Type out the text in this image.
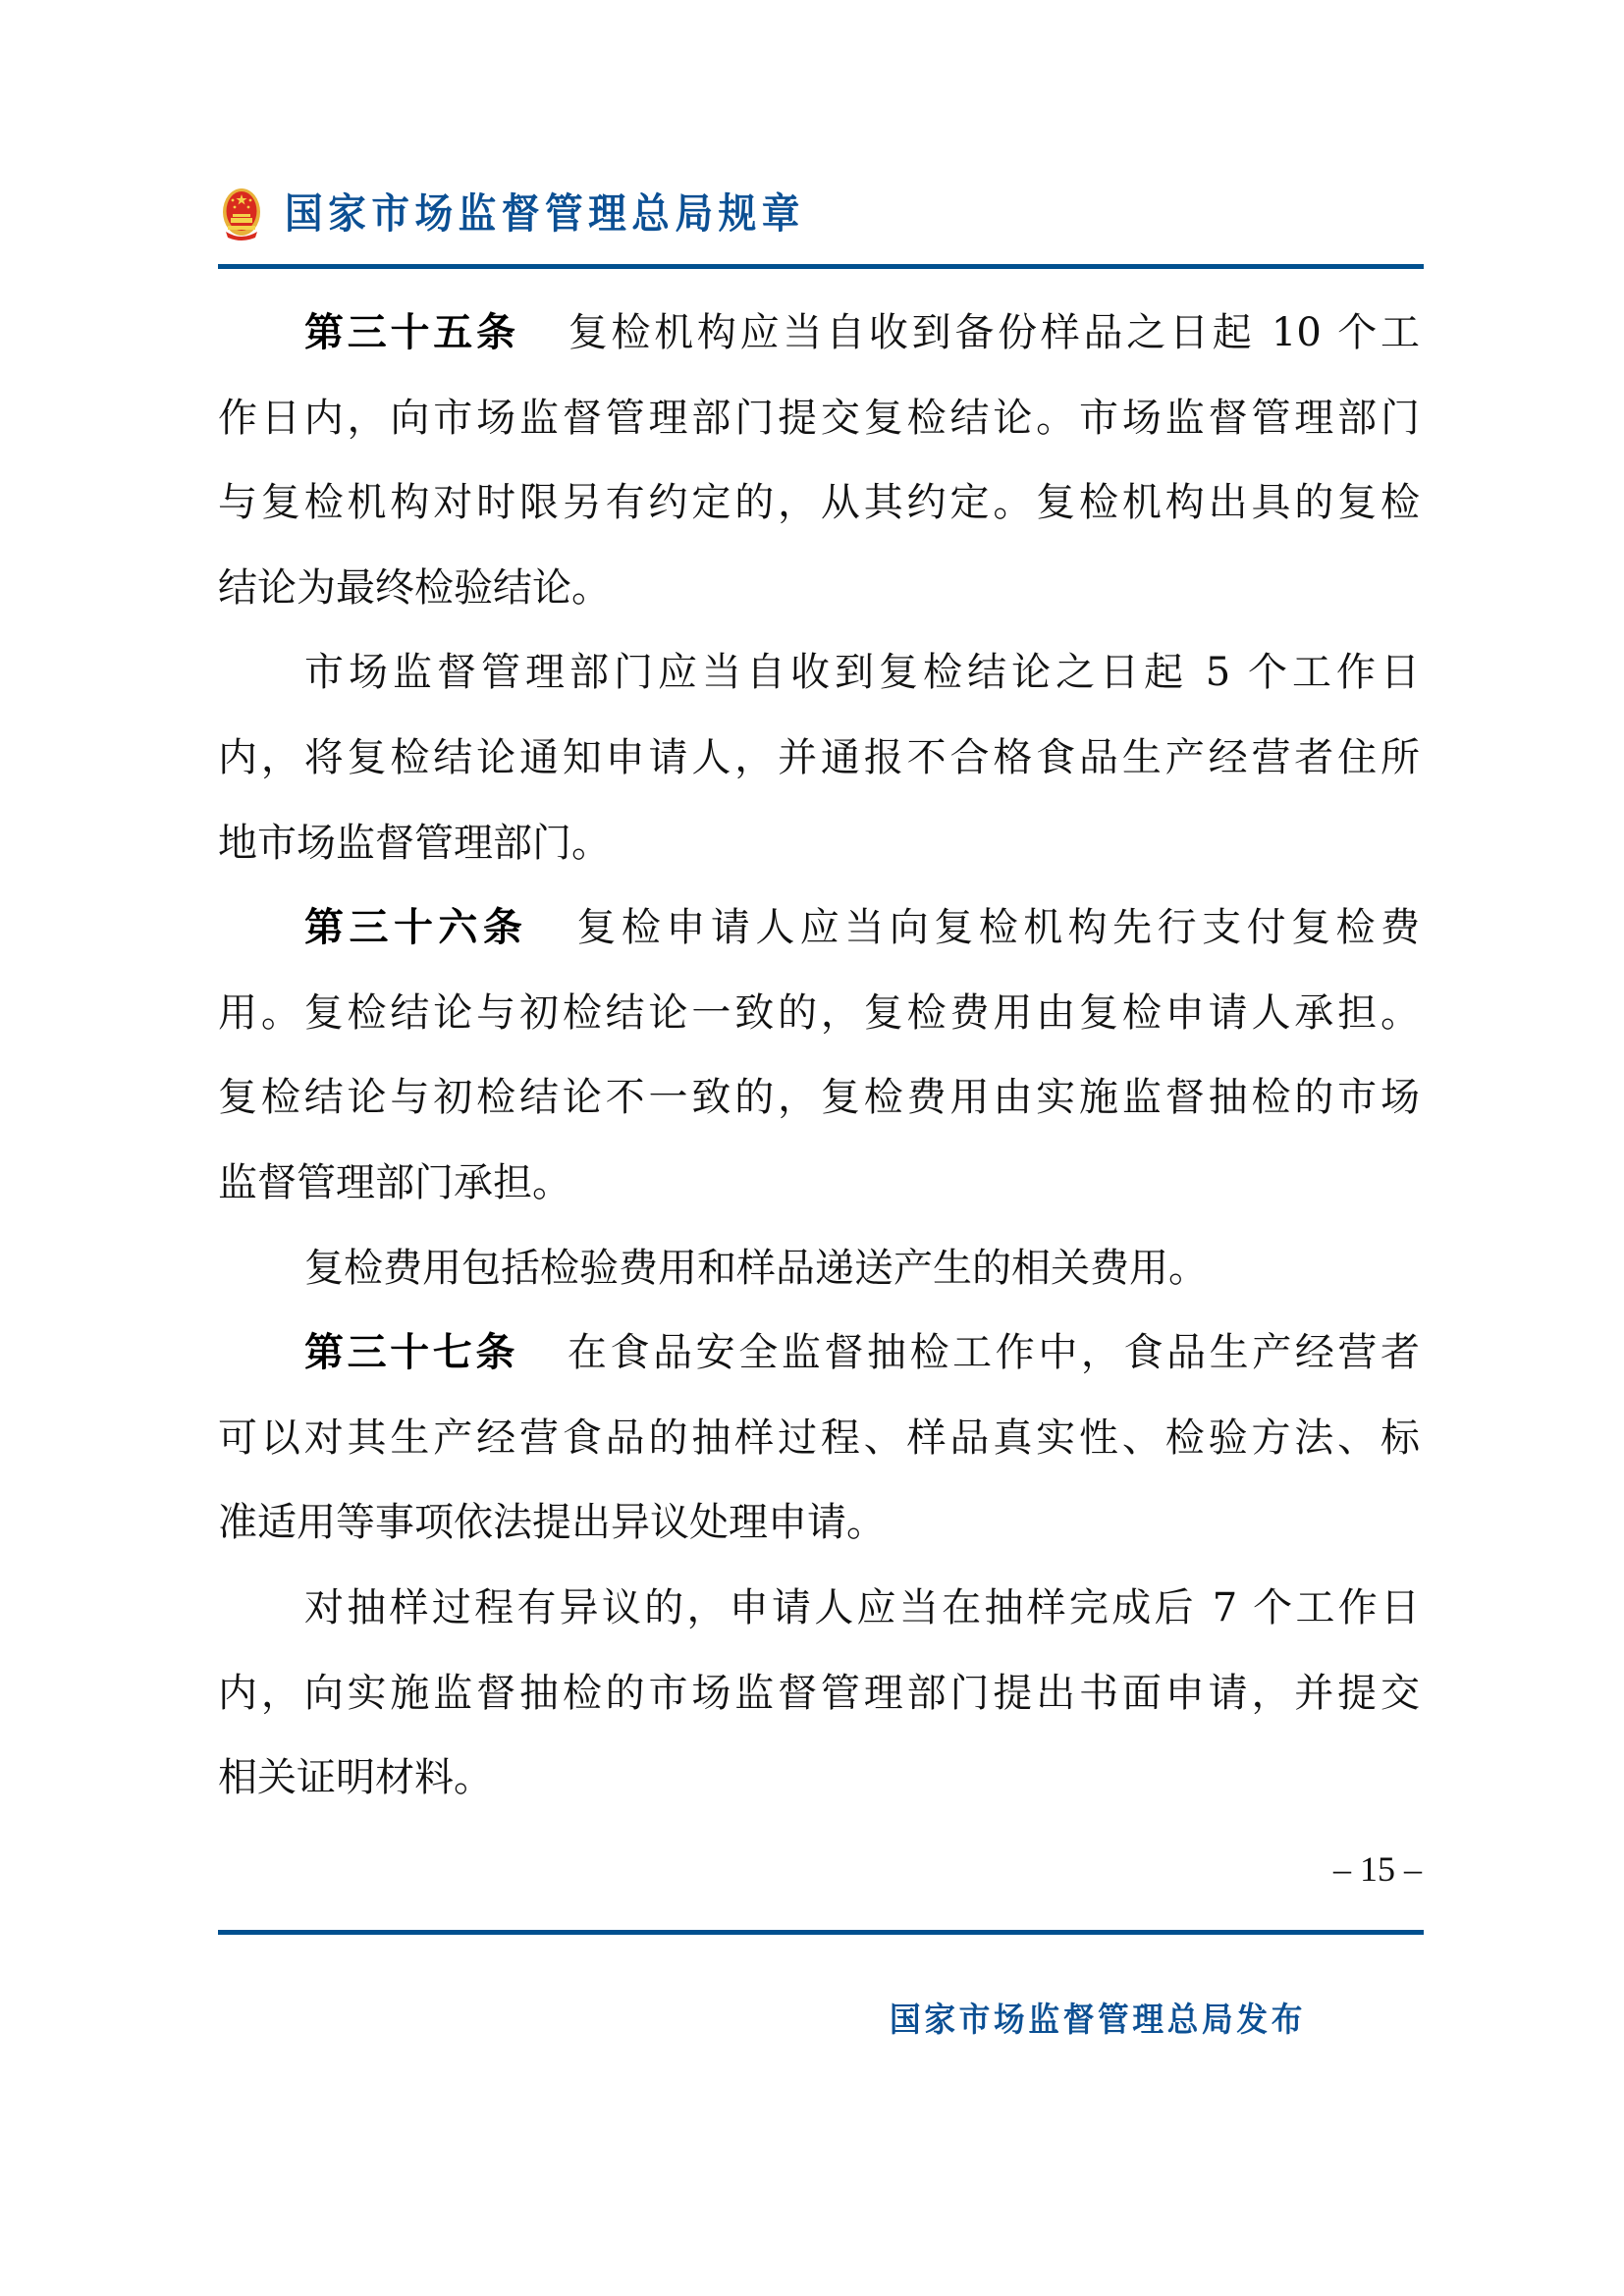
国家市场监督管理总局规章
第三十五条 复检机构应当自收到备份样品之日起 10 个工
作日内，向市场监督管理部门提交复检结论。市场监督管理部门
与复检机构对时限另有约定的，从其约定。复检机构出具的复检
结论为最终检验结论。
市场监督管理部门应当自收到复检结论之日起 5 个工作日
内，将复检结论通知申请人，并通报不合格食品生产经营者住所
地市场监督管理部门。
第三十六条 复检申请人应当向复检机构先行支付复检费
用。复检结论与初检结论一致的，复检费用由复检申请人承担。
复检结论与初检结论不一致的，复检费用由实施监督抽检的市场
监督管理部门承担。
复检费用包括检验费用和样品递送产生的相关费用。
第三十七条 在食品安全监督抽检工作中，食品生产经营者
可以对其生产经营食品的抽样过程、样品真实性、检验方法、标
准适用等事项依法提出异议处理申请。
对抽样过程有异议的，申请人应当在抽样完成后 7 个工作日
内，向实施监督抽检的市场监督管理部门提出书面申请，并提交
相关证明材料。
– 15 –
国家市场监督管理总局发布
